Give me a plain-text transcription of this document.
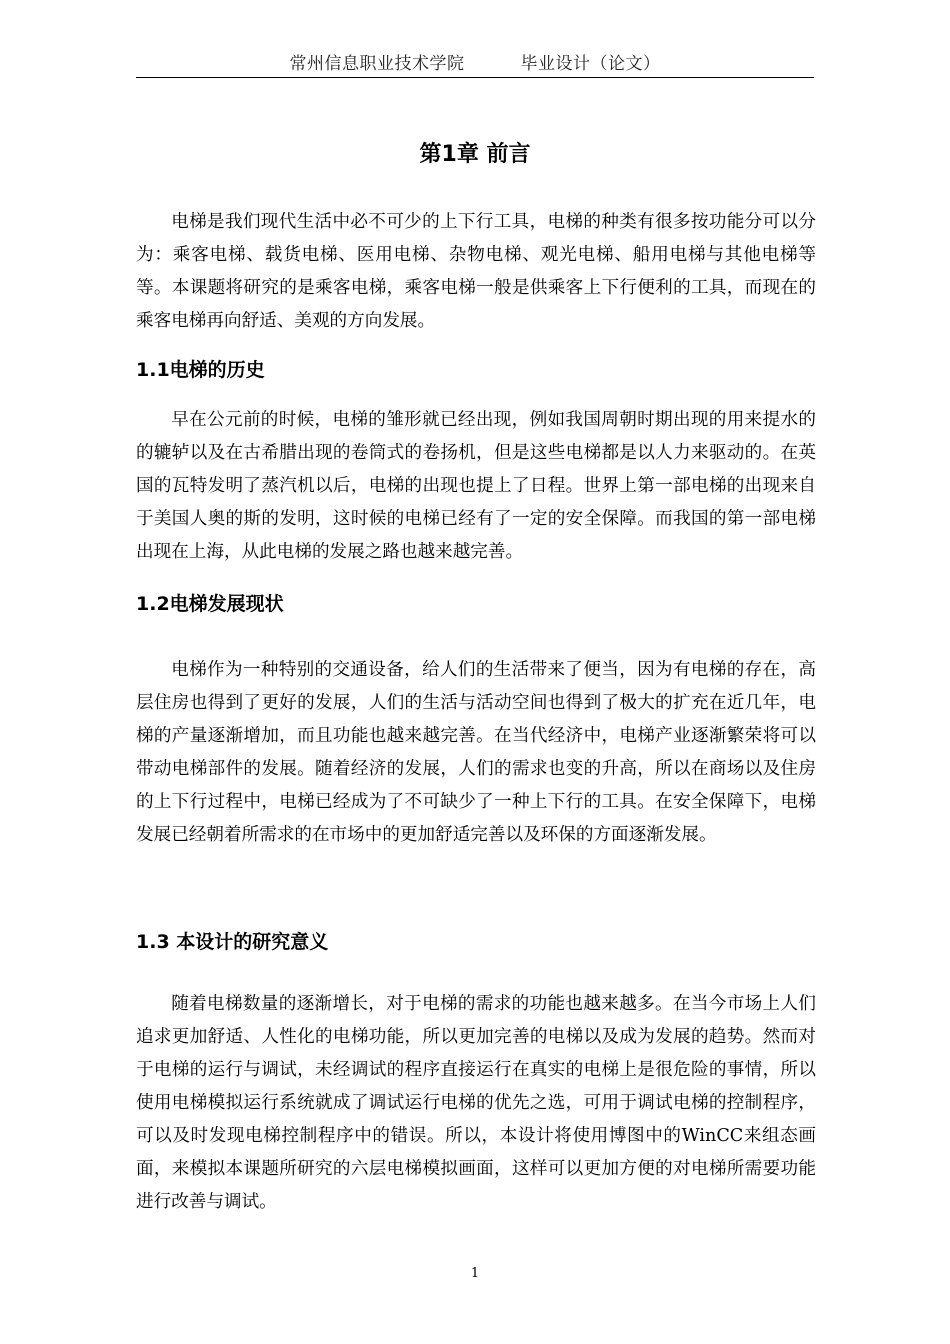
常州信息职业技术学院	毕业设计（论文）
第1章 前言

电梯是我们现代生活中必不可少的上下行工具，电梯的种类有很多按功能分可以分为：乘客电梯、载货电梯、医用电梯、杂物电梯、观光电梯、船用电梯与其他电梯等等。本课题将研究的是乘客电梯，乘客电梯一般是供乘客上下行便利的工具，而现在的乘客电梯再向舒适、美观的方向发展。

1.1电梯的历史

早在公元前的时候，电梯的雏形就已经出现，例如我国周朝时期出现的用来提水的的辘轳以及在古希腊出现的卷筒式的卷扬机，但是这些电梯都是以人力来驱动的。在英国的瓦特发明了蒸汽机以后，电梯的出现也提上了日程。世界上第一部电梯的出现来自于美国人奥的斯的发明，这时候的电梯已经有了一定的安全保障。而我国的第一部电梯出现在上海，从此电梯的发展之路也越来越完善。

1.2电梯发展现状

电梯作为一种特别的交通设备，给人们的生活带来了便当，因为有电梯的存在，高层住房也得到了更好的发展，人们的生活与活动空间也得到了极大的扩充在近几年，电梯的产量逐渐增加，而且功能也越来越完善。在当代经济中，电梯产业逐渐繁荣将可以带动电梯部件的发展。随着经济的发展，人们的需求也变的升高，所以在商场以及住房的上下行过程中，电梯已经成为了不可缺少了一种上下行的工具。在安全保障下，电梯发展已经朝着所需求的在市场中的更加舒适完善以及环保的方面逐渐发展。

1.3 本设计的研究意义

随着电梯数量的逐渐增长，对于电梯的需求的功能也越来越多。在当今市场上人们追求更加舒适、人性化的电梯功能，所以更加完善的电梯以及成为发展的趋势。然而对于电梯的运行与调试，未经调试的程序直接运行在真实的电梯上是很危险的事情，所以使用电梯模拟运行系统就成了调试运行电梯的优先之选，可用于调试电梯的控制程序，可以及时发现电梯控制程序中的错误。所以，本设计将使用博图中的WinCC来组态画面，来模拟本课题所研究的六层电梯模拟画面，这样可以更加方便的对电梯所需要功能进行改善与调试。

1
